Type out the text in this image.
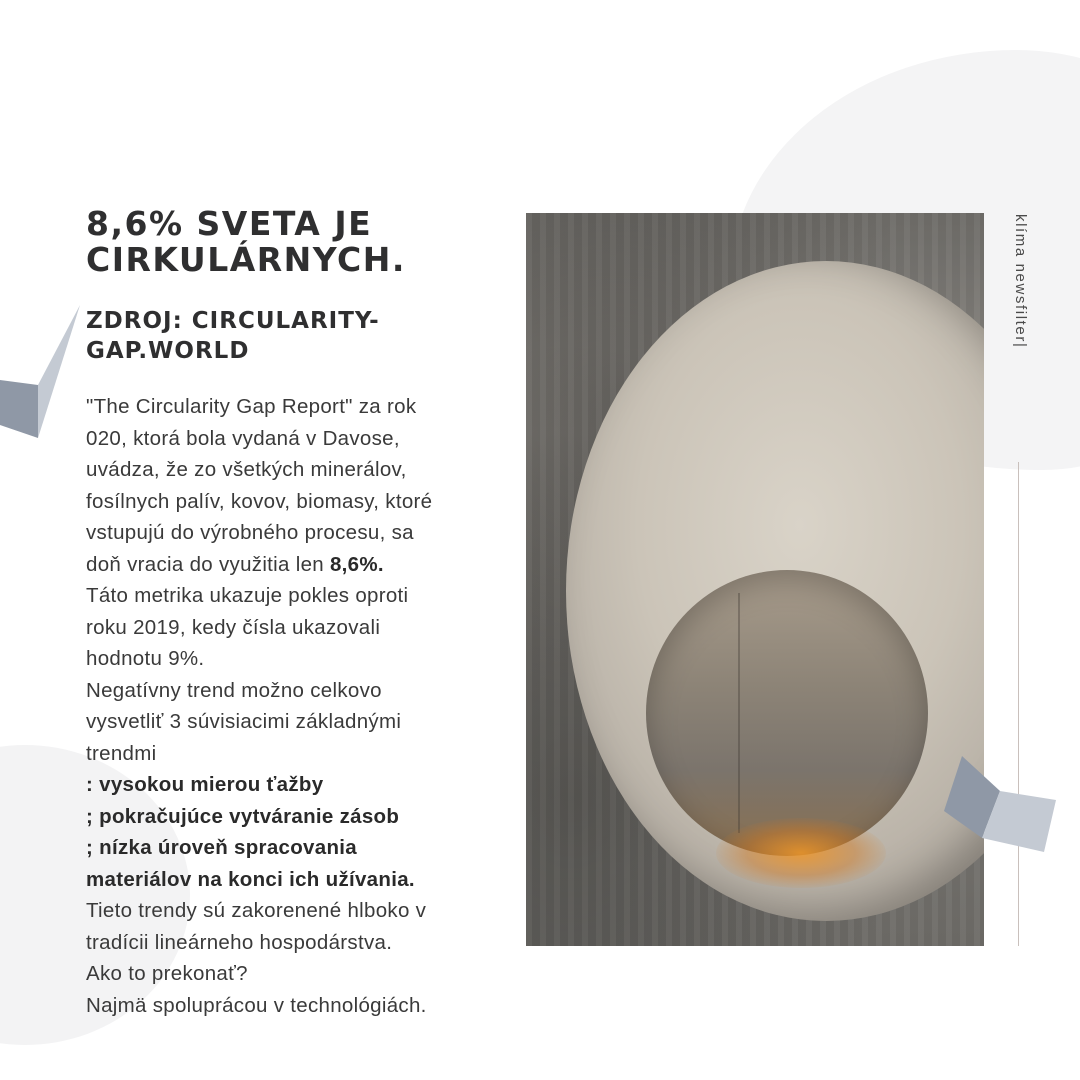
8,6% SVETA JE
CIRKULÁRNYCH.
ZDROJ: CIRCULARITY-
GAP.WORLD
"The Circularity Gap Report" za rok
020, ktorá bola vydaná v Davose,
uvádza, že zo všetkých minerálov,
fosílnych palív, kovov, biomasy, ktoré
vstupujú do výrobného procesu, sa
doň vracia do využitia len 8,6%.
Táto metrika ukazuje pokles oproti
roku 2019, kedy čísla ukazovali
hodnotu 9%.
Negatívny trend možno celkovo
vysvetliť 3 súvisiacimi základnými
trendmi
: vysokou mierou ťažby
; pokračujúce vytváranie zásob
; nízka úroveň spracovania
materiálov na konci ich užívania.
Tieto trendy sú zakorenené hlboko v
tradícii lineárneho hospodárstva.
Ako to prekonať?
Najmä spoluprácou v technológiách.
klíma newsfilter|
